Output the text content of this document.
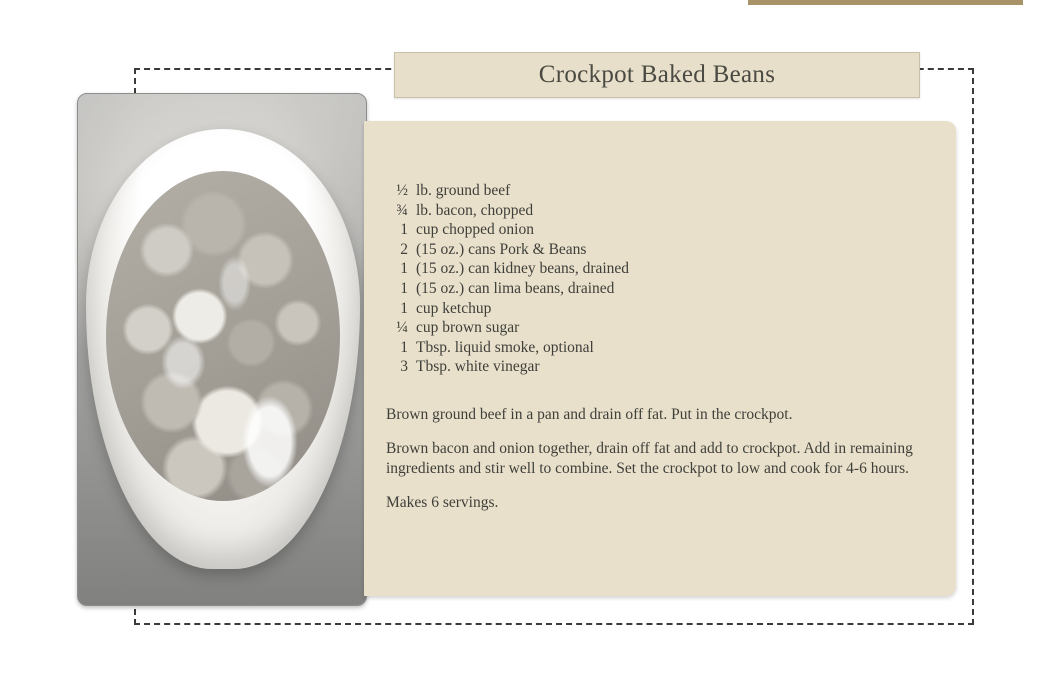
Crockpot Baked Beans
½ lb. ground beef
¾ lb. bacon, chopped
1 cup chopped onion
2 (15 oz.) cans Pork & Beans
1 (15 oz.) can kidney beans, drained
1 (15 oz.) can lima beans, drained
1 cup ketchup
¼ cup brown sugar
1 Tbsp. liquid smoke, optional
3 Tbsp. white vinegar

Brown ground beef in a pan and drain off fat. Put in the crockpot.

Brown bacon and onion together, drain off fat and add to crockpot. Add in remaining ingredients and stir well to combine. Set the crockpot to low and cook for 4-6 hours.

Makes 6 servings.
